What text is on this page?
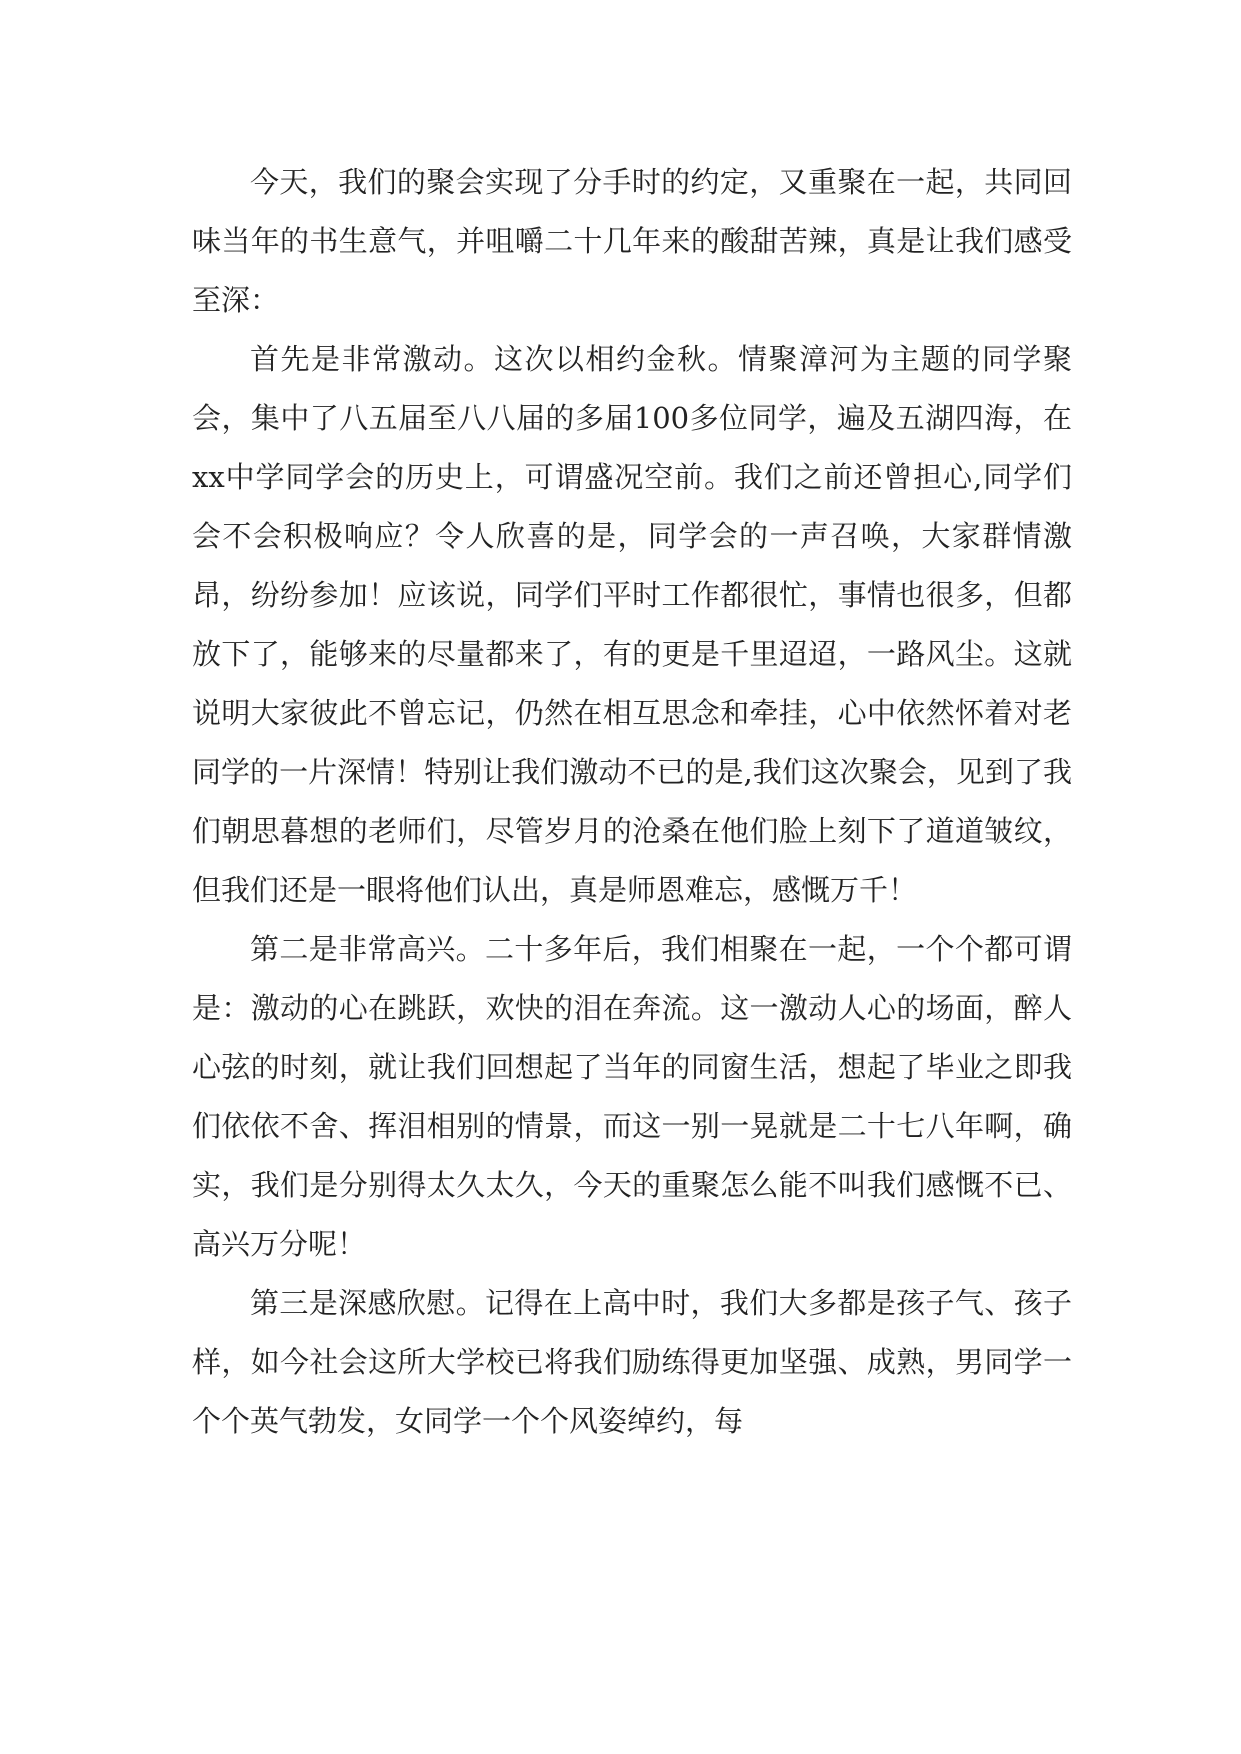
今天，我们的聚会实现了分手时的约定，又重聚在一起，共同回味当年的书生意气，并咀嚼二十几年来的酸甜苦辣，真是让我们感受至深：

首先是非常激动。这次以相约金秋。情聚漳河为主题的同学聚会，集中了八五届至八八届的多届100多位同学，遍及五湖四海，在xx中学同学会的历史上，可谓盛况空前。我们之前还曾担心,同学们会不会积极响应？令人欣喜的是，同学会的一声召唤，大家群情激昂，纷纷参加！应该说，同学们平时工作都很忙，事情也很多，但都放下了，能够来的尽量都来了，有的更是千里迢迢，一路风尘。这就说明大家彼此不曾忘记，仍然在相互思念和牵挂，心中依然怀着对老同学的一片深情！特别让我们激动不已的是,我们这次聚会，见到了我们朝思暮想的老师们，尽管岁月的沧桑在他们脸上刻下了道道皱纹，但我们还是一眼将他们认出，真是师恩难忘，感慨万千！

第二是非常高兴。二十多年后，我们相聚在一起，一个个都可谓是：激动的心在跳跃，欢快的泪在奔流。这一激动人心的场面，醉人心弦的时刻，就让我们回想起了当年的同窗生活，想起了毕业之即我们依依不舍、挥泪相别的情景，而这一别一晃就是二十七八年啊，确实，我们是分别得太久太久，今天的重聚怎么能不叫我们感慨不已、高兴万分呢！

第三是深感欣慰。记得在上高中时，我们大多都是孩子气、孩子样，如今社会这所大学校已将我们励练得更加坚强、成熟，男同学一个个英气勃发，女同学一个个风姿绰约，每
